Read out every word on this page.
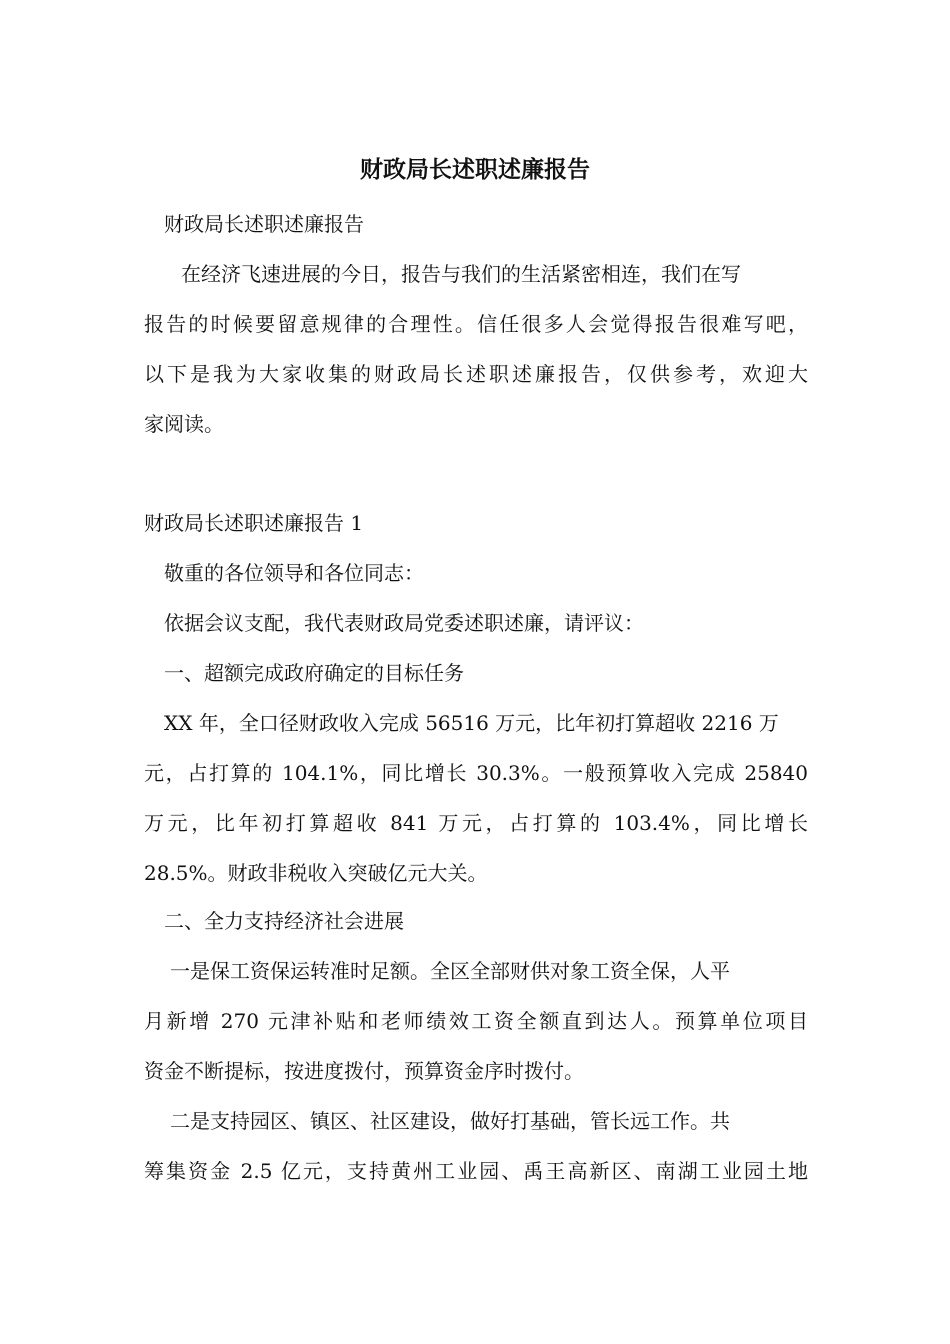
财政局长述职述廉报告

财政局长述职述廉报告

在经济飞速进展的今日，报告与我们的生活紧密相连，我们在写

报告的时候要留意规律的合理性。信任很多人会觉得报告很难写吧，

以下是我为大家收集的财政局长述职述廉报告，仅供参考，欢迎大

家阅读。

财政局长述职述廉报告 1

敬重的各位领导和各位同志：

依据会议支配，我代表财政局党委述职述廉，请评议：

一、超额完成政府确定的目标任务

XX 年，全口径财政收入完成 56516 万元，比年初打算超收 2216 万

元，占打算的 104.1%，同比增长 30.3%。一般预算收入完成 25840

万元，比年初打算超收 841 万元，占打算的 103.4%，同比增长

28.5%。财政非税收入突破亿元大关。

二、全力支持经济社会进展

一是保工资保运转准时足额。全区全部财供对象工资全保，人平

月新增 270 元津补贴和老师绩效工资全额直到达人。预算单位项目

资金不断提标，按进度拨付，预算资金序时拨付。

二是支持园区、镇区、社区建设，做好打基础，管长远工作。共

筹集资金 2.5 亿元，支持黄州工业园、禹王高新区、南湖工业园土地
